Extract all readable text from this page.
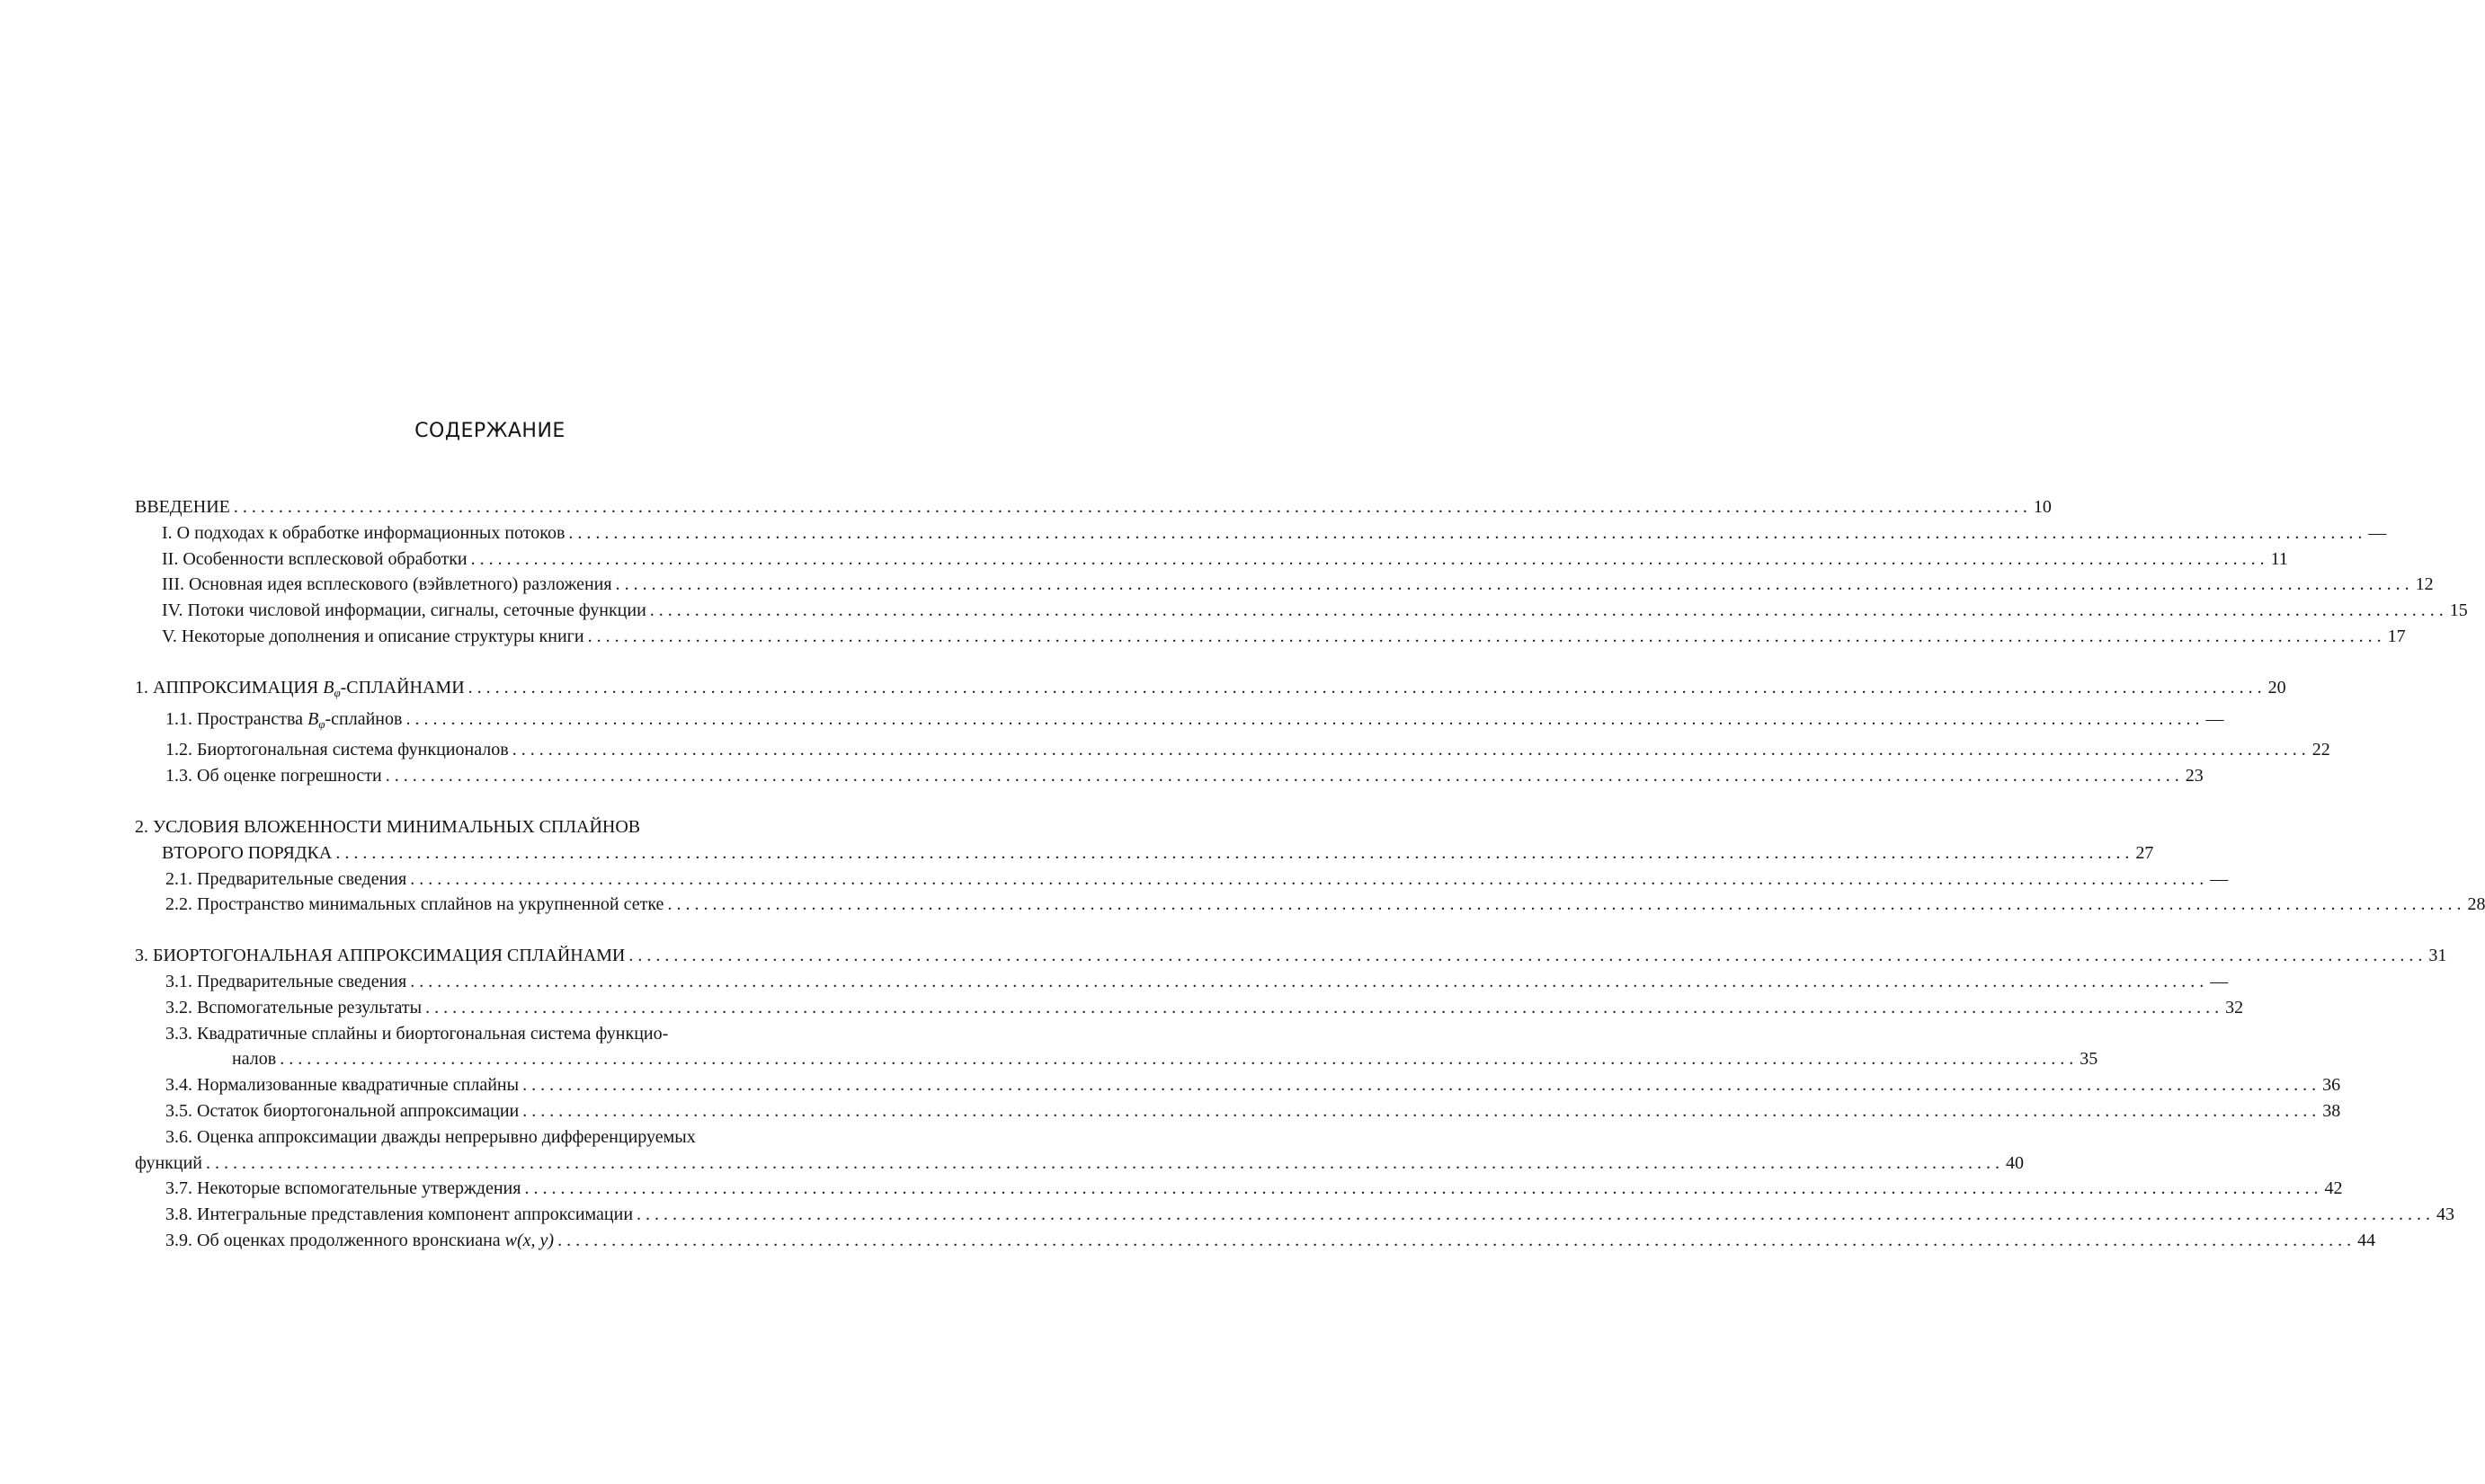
СОДЕРЖАНИЕ
ВВЕДЕНИЕ ........................................................................................................................................................................................................ 10
I. О подходах к обработке информационных потоков ........................................................................................................................................................................................................ —
II. Особенности всплесковой обработки ........................................................................................................................................................................................................ 11
III. Основная идея всплескового (вэйвлетного) разложения ........................................................................................................................................................................................................ 12
IV. Потоки числовой информации, сигналы, сеточные функции ........................................................................................................................................................................................................ 15
V. Некоторые дополнения и описание структуры книги ........................................................................................................................................................................................................ 17
1. АППРОКСИМАЦИЯ $B_\varphi$-СПЛАЙНАМИ ........................................................................................................................................................................................................ 20
1.1. Пространства $B_\varphi$-сплайнов ........................................................................................................................................................................................................ —
1.2. Биортогональная система функционалов ........................................................................................................................................................................................................ 22
1.3. Об оценке погрешности ........................................................................................................................................................................................................ 23
2. УСЛОВИЯ ВЛОЖЕННОСТИ МИНИМАЛЬНЫХ СПЛАЙНОВ
ВТОРОГО ПОРЯДКА ........................................................................................................................................................................................................ 27
2.1. Предварительные сведения ........................................................................................................................................................................................................ —
2.2. Пространство минимальных сплайнов на укрупненной сетке ........................................................................................................................................................................................................ 28
3. БИОРТОГОНАЛЬНАЯ АППРОКСИМАЦИЯ СПЛАЙНАМИ ........................................................................................................................................................................................................ 31
3.1. Предварительные сведения ........................................................................................................................................................................................................ —
3.2. Вспомогательные результаты ........................................................................................................................................................................................................ 32
3.3. Квадратичные сплайны и биортогональная система функцио-
налов ........................................................................................................................................................................................................ 35
3.4. Нормализованные квадратичные сплайны ........................................................................................................................................................................................................ 36
3.5. Остаток биортогональной аппроксимации ........................................................................................................................................................................................................ 38
3.6. Оценка аппроксимации дважды непрерывно дифференцируемых
функций ........................................................................................................................................................................................................ 40
3.7. Некоторые вспомогательные утверждения ........................................................................................................................................................................................................ 42
3.8. Интегральные представления компонент аппроксимации ........................................................................................................................................................................................................ 43
3.9. Об оценках продолженного вронскиана w(x, y) ........................................................................................................................................................................................................ 44
